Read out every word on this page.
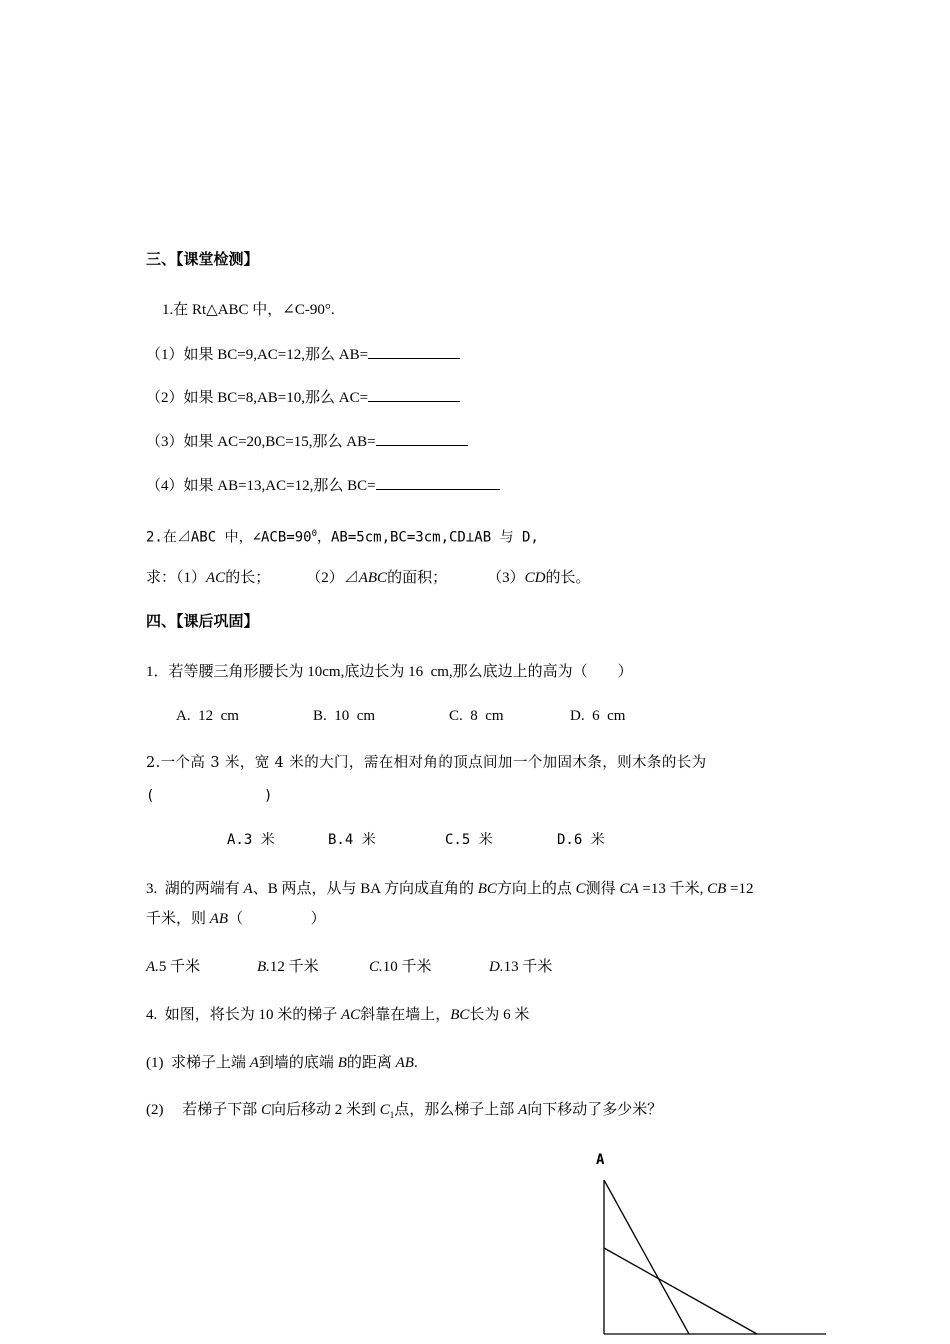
三、【课堂检测】
1.在 Rt△ABC 中，∠C-90°.
（1）如果 BC=9,AC=12,那么 AB=
（2）如果 BC=8,AB=10,那么 AC=
（3）如果 AC=20,BC=15,那么 AB=
（4）如果 AB=13,AC=12,那么 BC=
2.在⊿ABC 中，$\angle ACB=90^0$，AB=5cm,BC=3cm,CD⊥AB 与 D,
求：（1）AC的长； （2）⊿ABC的面积；	（3）CD的长。
四、【课后巩固】
1．若等腰三角形腰长为 10cm,底边长为 16  cm,那么底边上的高为（        ）
A.  12  cm	B.  10  cm	C.  8  cm	D.  6  cm
2.一个高 3 米，宽 4 米的大门，需在相对角的顶点间加一个加固木条，则木条的长为
(             )
A.3 米	B.4 米	C.5 米	D.6 米
3.  湖的两端有 A、B 两点，从与 BA 方向成直角的 BC方向上的点 C测得 CA =13 千米, CB =12
千米，则 AB（                  ）
A.5 千米	B.12 千米	C.10 千米	D.13 千米
4.  如图，将长为 10 米的梯子 AC斜靠在墙上，BC长为 6 米
(1)  求梯子上端 A到墙的底端 B的距离 AB.
(2)     若梯子下部 C向后移动 2 米到 $C_1$点，那么梯子上部 A向下移动了多少米？
A
